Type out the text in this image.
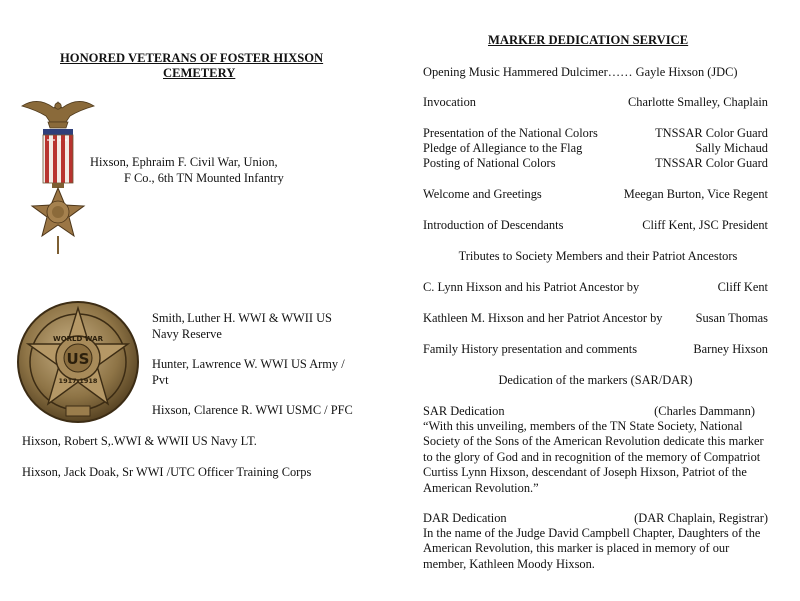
HONORED VETERANS OF FOSTER HIXSON
CEMETERY
Hixson, Ephraim F. Civil War, Union,
F Co., 6th TN Mounted Infantry
WORLD WAR
US
1917-1918
Smith, Luther H. WWI & WWII US
Navy Reserve
Hunter, Lawrence W. WWI US Army /
Pvt
Hixson, Clarence R. WWI USMC / PFC
Hixson, Robert S,.WWI & WWII US Navy LT.
Hixson, Jack Doak, Sr WWI /UTC Officer Training Corps
MARKER DEDICATION SERVICE
Opening Music Hammered Dulcimer…… Gayle Hixson (JDC)
Invocation	Charlotte Smalley, Chaplain
Presentation of the National Colors	TNSSAR Color Guard
Pledge of Allegiance to the Flag	Sally Michaud
Posting of National Colors	TNSSAR Color Guard
Welcome and Greetings	Meegan Burton, Vice Regent
Introduction of Descendants	Cliff Kent, JSC President
Tributes to Society Members and their Patriot Ancestors
C. Lynn Hixson and his Patriot Ancestor by	Cliff Kent
Kathleen M. Hixson and her Patriot Ancestor by	Susan Thomas
Family History presentation and comments	Barney Hixson
Dedication of the markers (SAR/DAR)
SAR Dedication	(Charles Dammann)
“With this unveiling, members of the TN State Society, National Society of the Sons of the American Revolution dedicate this marker to the glory of God and in recognition of the memory of Compatriot Curtiss Lynn Hixson, descendant of Joseph Hixson, Patriot of the American Revolution.”
DAR Dedication	(DAR Chaplain, Registrar)
In the name of the Judge David Campbell Chapter, Daughters of the American Revolution, this marker is placed in memory of our member, Kathleen Moody Hixson.
